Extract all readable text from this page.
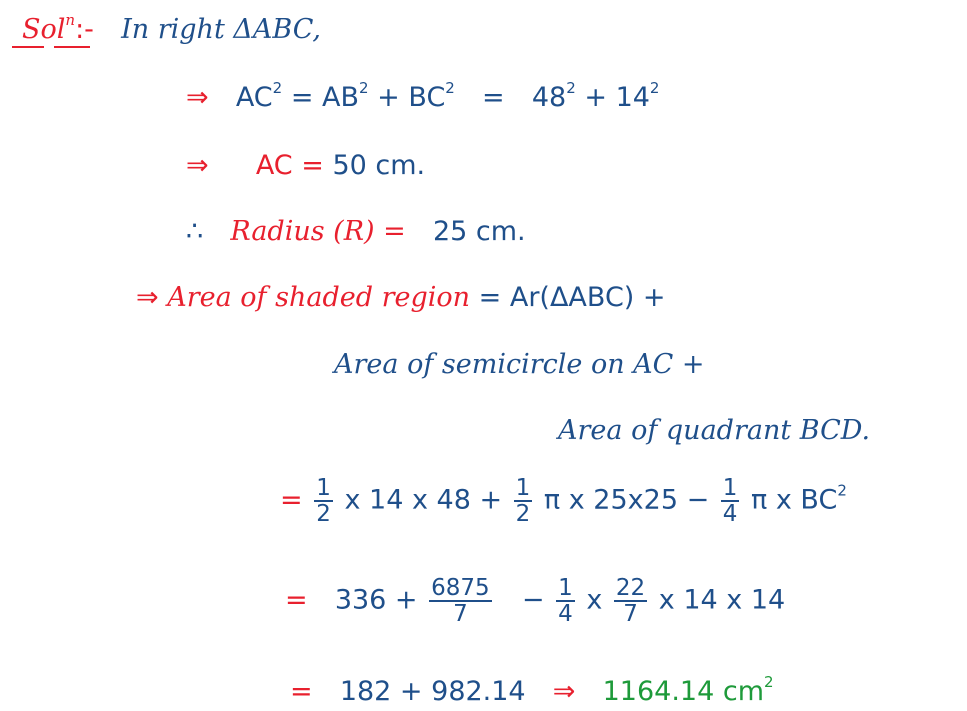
Sol$^n$:- In right ΔABC,
⇒ $AC^2 = AB^2 + BC^2 = 48^2 + 14^2$
⇒ AC = 50 cm.
∴ Radius (R) = 25 cm.
⇒ Area of shaded region = Ar(ΔABC) +
Area of semicircle on AC +
Area of quadrant BCD.
= $\frac{1}{2}$ x 14 x $48 + \frac{1}{2}$ π x $25x25 - \frac{1}{4}$ π x $BC^2$
= $336 + \frac{6875}{7} - \frac{1}{4}$ x $\frac{22}{7}$ x 14 x 14
= 182 + 982.14 ⇒ 1164.14 $cm^2$
